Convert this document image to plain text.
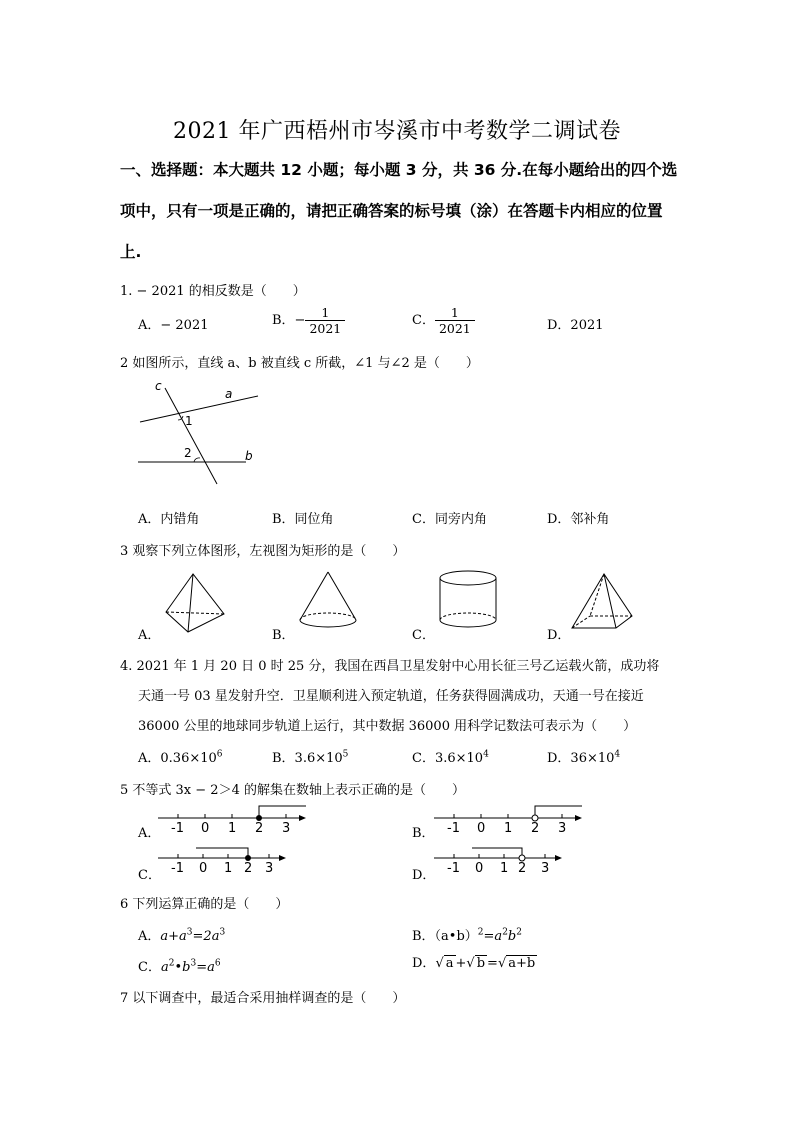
2021 年广西梧州市岑溪市中考数学二调试卷
一、选择题：本大题共 12 小题；每小题 3 分，共 36 分.在每小题给出的四个选
项中，只有一项是正确的，请把正确答案的标号填（涂）在答题卡内相应的位置
上.
1. − 2021 的相反数是（　　）
A．− 2021	B．− $\frac{1}{2021}$	C． $\frac{1}{2021}$	D．2021
2 如图所示，直线 a、b 被直线 c 所截，∠1 与∠2 是（　　）
c
a
1
2	b
A．内错角	B．同位角	C．同旁内角	D．邻补角
3 观察下列立体图形，左视图为矩形的是（　　）
A．	B．	C．	D．
4. 2021 年 1 月 20 日 0 时 25 分，我国在西昌卫星发射中心用长征三号乙运载火箭，成功将
天通一号 03 星发射升空．卫星顺利进入预定轨道，任务获得圆满成功，天通一号在接近
36000 公里的地球同步轨道上运行，其中数据 36000 用科学记数法可表示为（　　）
A．$0.36\times 10^6$	B．$3.6\times 10^5$	C．$3.6\times 10^4$	D．$36\times 10^4$
5 不等式 3x − 2＞4 的解集在数轴上表示正确的是（　　）
A． -1 0 1 2 3	B． -1 0 1 2 3
C． -1 0 1 2 3	D． -1 0 1 2 3
6 下列运算正确的是（　　）
A．$a+a^3=2a^3$	B．$(a•b)^2=a^2b^2$
C．$a^2•b^3=a^6$	D．√ a +√ b =√ a+b
7 以下调查中，最适合采用抽样调查的是（　　）
